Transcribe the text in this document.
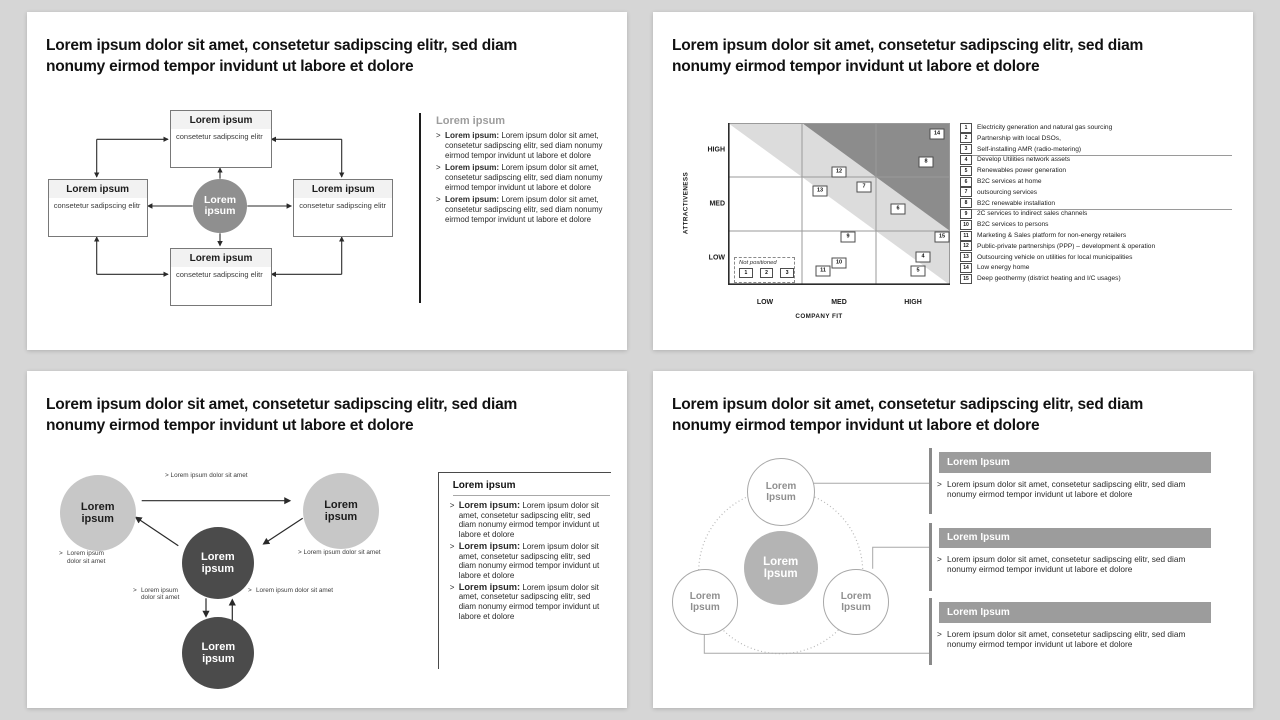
Lorem ipsum dolor sit amet, consetetur sadipscing elitr, sed diam
nonumy eirmod tempor invidunt ut labore et dolore
Lorem ipsum
consetetur sadipscing elitr
Lorem ipsum
consetetur sadipscing elitr
Lorem ipsum
consetetur sadipscing elitr
Lorem ipsum
consetetur sadipscing elitr
Lorem ipsum
Lorem ipsum
> Lorem ipsum: Lorem ipsum dolor sit amet, consetetur sadipscing elitr, sed diam nonumy eirmod tempor invidunt ut labore et dolore
> Lorem ipsum: Lorem ipsum dolor sit amet, consetetur sadipscing elitr, sed diam nonumy eirmod tempor invidunt ut labore et dolore
> Lorem ipsum: Lorem ipsum dolor sit amet, consetetur sadipscing elitr, sed diam nonumy eirmod tempor invidunt ut labore et dolore
Lorem ipsum dolor sit amet, consetetur sadipscing elitr, sed diam
nonumy eirmod tempor invidunt ut labore et dolore
14
8
12
7
13
6
9	15
10
11
4
5
Not positioned
1	2	3
HIGH
MED
LOW
ATTRACTIVENESS
LOW	MED	HIGH
COMPANY FIT
1	Electricity generation and natural gas sourcing
2	Partnership with local DSOs,
3	Self-installing AMR (radio-metering)
4	Develop Utilities network assets
5	Renewables power generation
6	B2C services at home
7	outsourcing services
8	B2C renewable installation
9	2C services to indirect sales channels
10	B2C services to persons
11	Marketing & Sales platform for non-energy retailers
12	Public-private partnerships (PPP) – development & operation
13	Outsourcing vehicle on utilities for local municipalities
14	Low energy home
15	Deep geothermy (district heating and I/C usages)
Lorem ipsum dolor sit amet, consetetur sadipscing elitr, sed diam
nonumy eirmod tempor invidunt ut labore et dolore
Lorem ipsum
Lorem ipsum
Lorem ipsum
Lorem ipsum
> Lorem ipsum dolor sit amet
> Lorem ipsum dolor sit amet
> Lorem ipsum dolor sit amet
> Lorem ipsum dolor sit amet
> Lorem ipsum dolor sit amet
Lorem ipsum
> Lorem ipsum: Lorem ipsum dolor sit amet, consetetur sadipscing elitr, sed diam nonumy eirmod tempor invidunt ut labore et dolore
> Lorem ipsum: Lorem ipsum dolor sit amet, consetetur sadipscing elitr, sed diam nonumy eirmod tempor invidunt ut labore et dolore
> Lorem ipsum: Lorem ipsum dolor sit amet, consetetur sadipscing elitr, sed diam nonumy eirmod tempor invidunt ut labore et dolore
Lorem ipsum dolor sit amet, consetetur sadipscing elitr, sed diam
nonumy eirmod tempor invidunt ut labore et dolore
Lorem Ipsum
Lorem Ipsum
Lorem Ipsum
Lorem Ipsum
Lorem Ipsum
> Lorem ipsum dolor sit amet, consetetur sadipscing elitr, sed diam nonumy eirmod tempor invidunt ut labore et dolore
Lorem Ipsum
> Lorem ipsum dolor sit amet, consetetur sadipscing elitr, sed diam nonumy eirmod tempor invidunt ut labore et dolore
Lorem Ipsum
> Lorem ipsum dolor sit amet, consetetur sadipscing elitr, sed diam nonumy eirmod tempor invidunt ut labore et dolore
